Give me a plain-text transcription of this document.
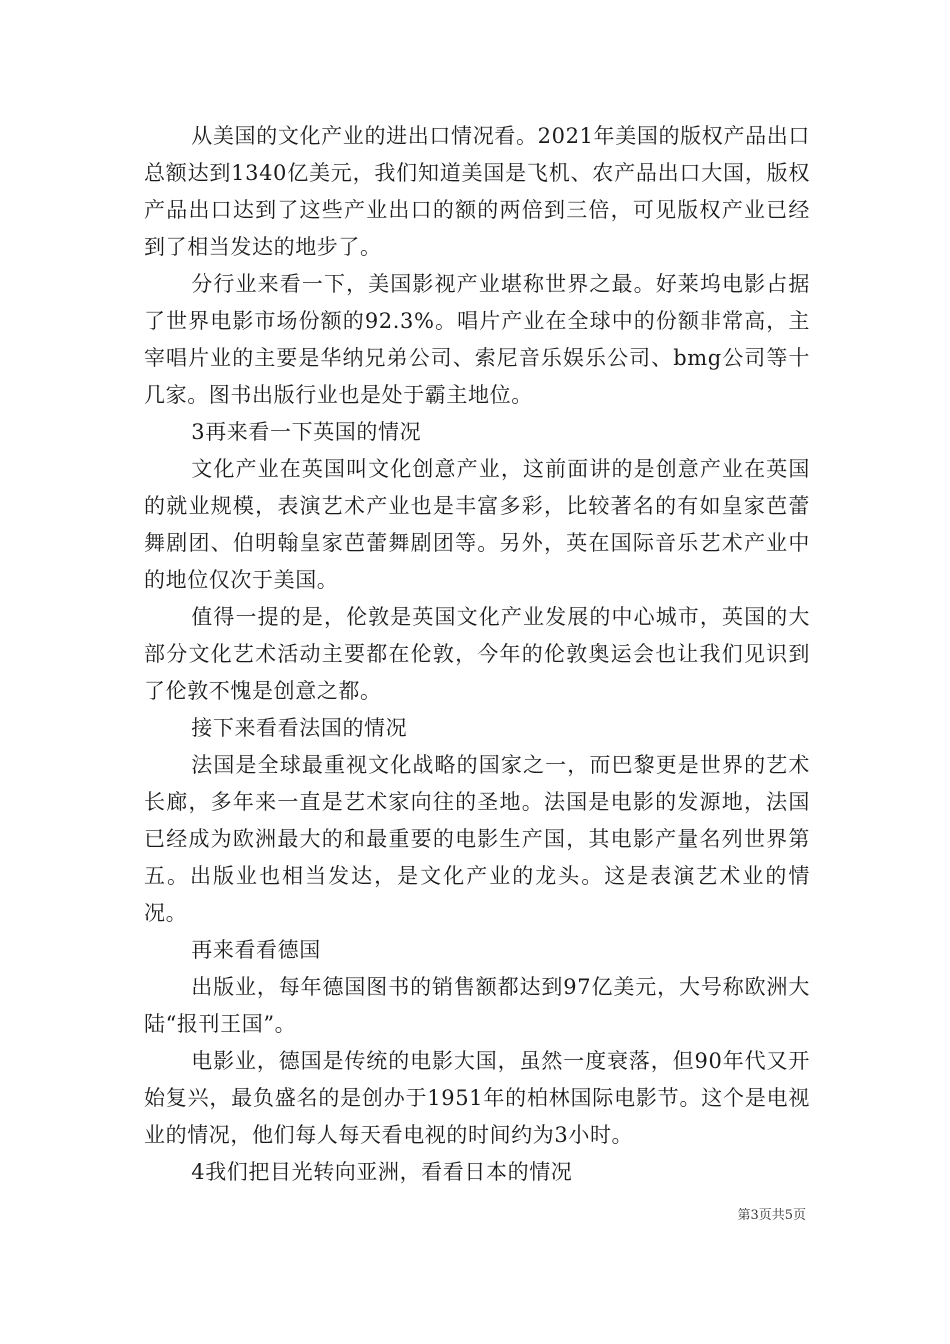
从美国的文化产业的进出口情况看。2021年美国的版权产品出口总额达到1340亿美元，我们知道美国是飞机、农产品出口大国，版权产品出口达到了这些产业出口的额的两倍到三倍，可见版权产业已经到了相当发达的地步了。

分行业来看一下，美国影视产业堪称世界之最。好莱坞电影占据了世界电影市场份额的92.3%。唱片产业在全球中的份额非常高，主宰唱片业的主要是华纳兄弟公司、索尼音乐娱乐公司、bmg公司等十几家。图书出版行业也是处于霸主地位。

3再来看一下英国的情况

文化产业在英国叫文化创意产业，这前面讲的是创意产业在英国的就业规模，表演艺术产业也是丰富多彩，比较著名的有如皇家芭蕾舞剧团、伯明翰皇家芭蕾舞剧团等。另外，英在国际音乐艺术产业中的地位仅次于美国。

值得一提的是，伦敦是英国文化产业发展的中心城市，英国的大部分文化艺术活动主要都在伦敦，今年的伦敦奥运会也让我们见识到了伦敦不愧是创意之都。

接下来看看法国的情况

法国是全球最重视文化战略的国家之一，而巴黎更是世界的艺术长廊，多年来一直是艺术家向往的圣地。法国是电影的发源地，法国已经成为欧洲最大的和最重要的电影生产国，其电影产量名列世界第五。出版业也相当发达，是文化产业的龙头。这是表演艺术业的情况。

再来看看德国

出版业，每年德国图书的销售额都达到97亿美元，大号称欧洲大陆“报刊王国”。

电影业，德国是传统的电影大国，虽然一度衰落，但90年代又开始复兴，最负盛名的是创办于1951年的柏林国际电影节。这个是电视业的情况，他们每人每天看电视的时间约为3小时。

4我们把目光转向亚洲，看看日本的情况

第3页共5页
